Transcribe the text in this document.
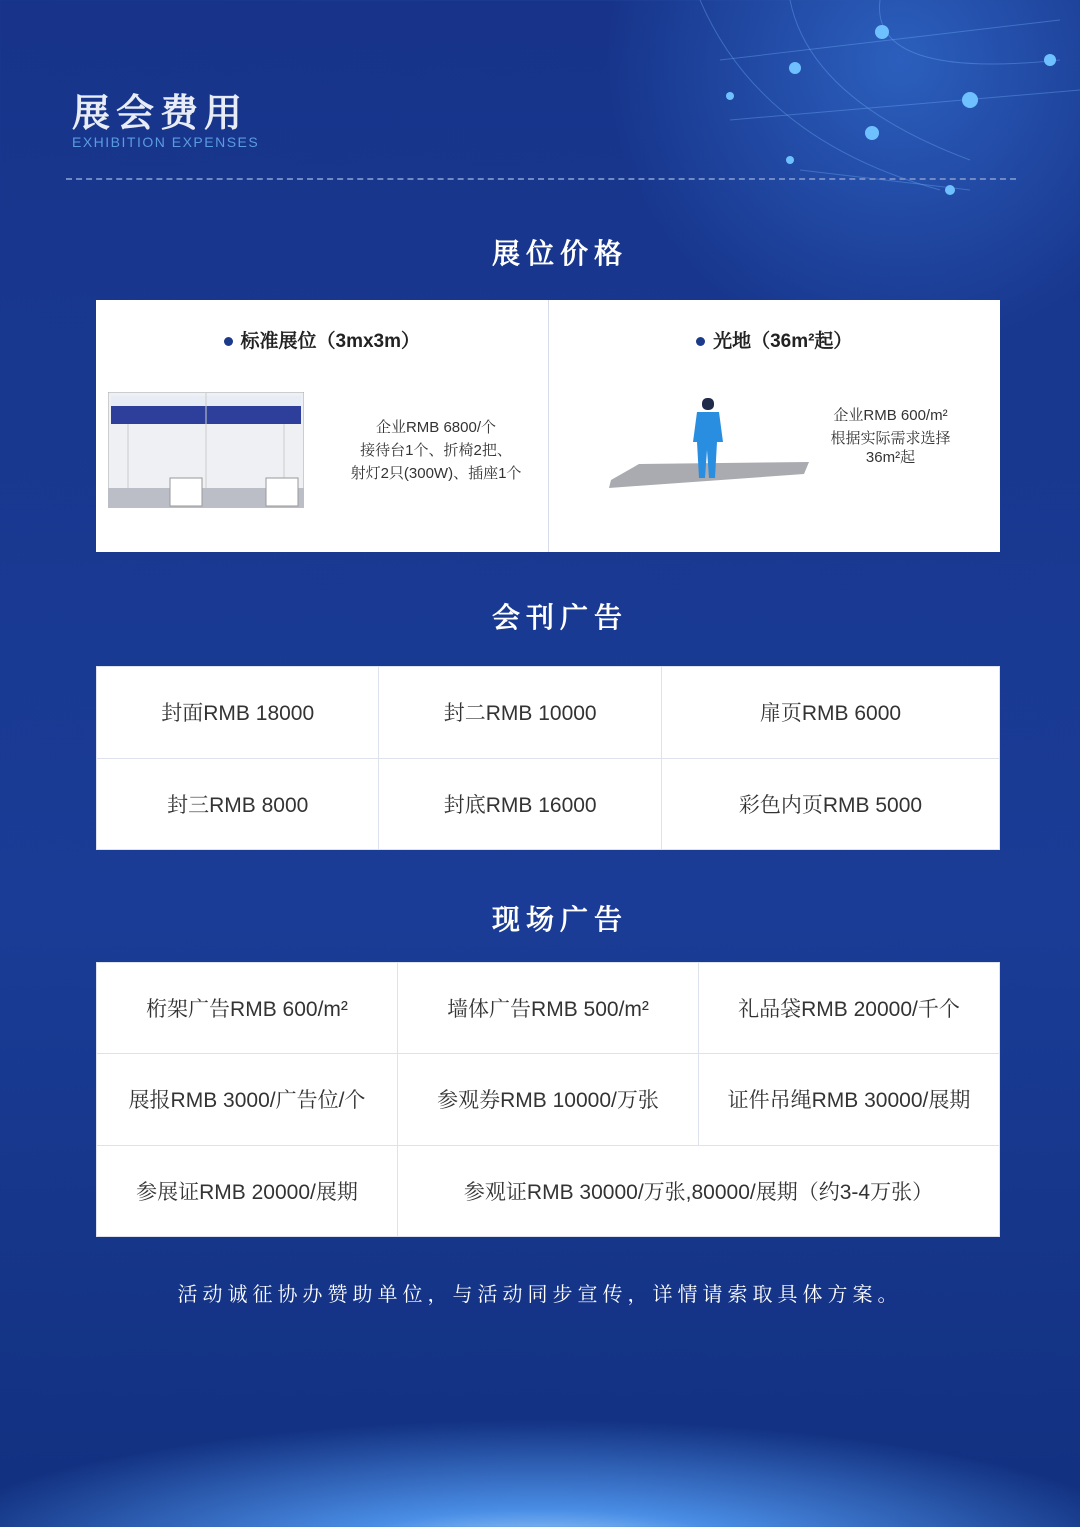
展会费用
EXHIBITION EXPENSES
展位价格
标准展位（3mx3m）
企业RMB 6800/个
接待台1个、折椅2把、
射灯2只(300W)、插座1个
光地（36m²起）
企业RMB 600/m²
根据实际需求选择
36m²起
会刊广告
封面RMB 18000	封二RMB 10000	扉页RMB 6000
封三RMB 8000	封底RMB 16000	彩色内页RMB 5000
现场广告
桁架广告RMB 600/m²	墙体广告RMB 500/m²	礼品袋RMB 20000/千个
展报RMB 3000/广告位/个	参观券RMB 10000/万张	证件吊绳RMB 30000/展期
参展证RMB 20000/展期	参观证RMB 30000/万张,80000/展期（约3-4万张）	
活动诚征协办赞助单位，与活动同步宣传，详情请索取具体方案。
